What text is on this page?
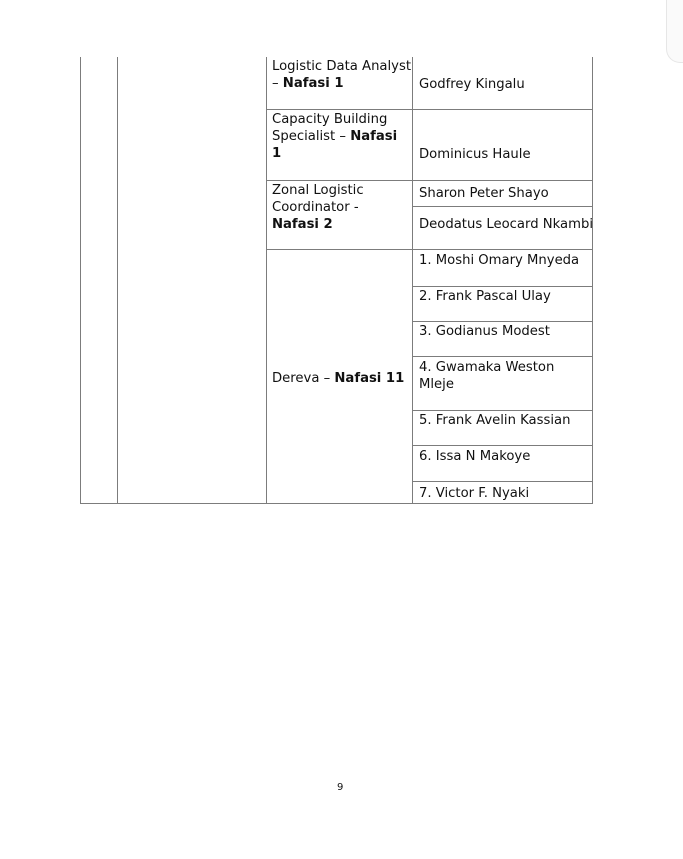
Logistic Data Analyst
– Nafasi 1	Godfrey Kingalu
Capacity Building
Specialist – Nafasi
1	Dominicus Haule
Zonal Logistic
Coordinator -
Nafasi 2
Sharon Peter Shayo
Deodatus Leocard Nkambi
Dereva – Nafasi 11
1. Moshi Omary Mnyeda
2. Frank Pascal Ulay
3. Godianus Modest
4. Gwamaka Weston
Mleje
5. Frank Avelin Kassian
6. Issa N Makoye
7. Victor F. Nyaki
9
